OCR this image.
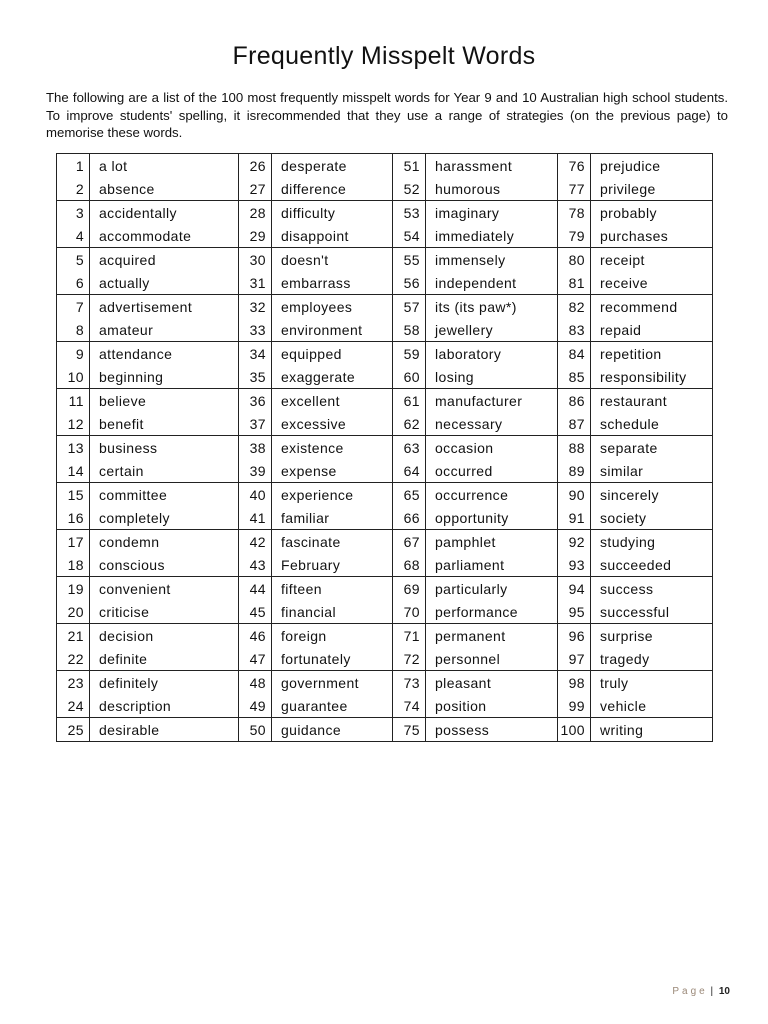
Frequently Misspelt Words

The following are a list of the 100 most frequently misspelt words for Year 9 and 10 Australian high school students. To improve students' spelling, it isrecommended that they use a range of strategies (on the previous page) to memorise these words.

1	a lot	26	desperate	51	harassment	76	prejudice
2	absence	27	difference	52	humorous	77	privilege
3	accidentally	28	difficulty	53	imaginary	78	probably
4	accommodate	29	disappoint	54	immediately	79	purchases
5	acquired	30	doesn't	55	immensely	80	receipt
6	actually	31	embarrass	56	independent	81	receive
7	advertisement	32	employees	57	its (its paw*)	82	recommend
8	amateur	33	environment	58	jewellery	83	repaid
9	attendance	34	equipped	59	laboratory	84	repetition
10	beginning	35	exaggerate	60	losing	85	responsibility
11	believe	36	excellent	61	manufacturer	86	restaurant
12	benefit	37	excessive	62	necessary	87	schedule
13	business	38	existence	63	occasion	88	separate
14	certain	39	expense	64	occurred	89	similar
15	committee	40	experience	65	occurrence	90	sincerely
16	completely	41	familiar	66	opportunity	91	society
17	condemn	42	fascinate	67	pamphlet	92	studying
18	conscious	43	February	68	parliament	93	succeeded
19	convenient	44	fifteen	69	particularly	94	success
20	criticise	45	financial	70	performance	95	successful
21	decision	46	foreign	71	permanent	96	surprise
22	definite	47	fortunately	72	personnel	97	tragedy
23	definitely	48	government	73	pleasant	98	truly
24	description	49	guarantee	74	position	99	vehicle
25	desirable	50	guidance	75	possess	100	writing
Page | 10
